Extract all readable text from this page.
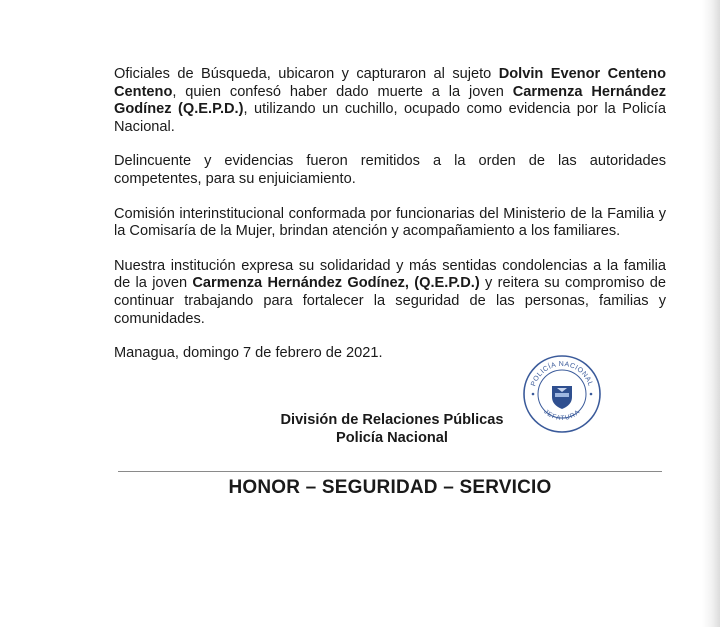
Oficiales de Búsqueda, ubicaron y capturaron al sujeto Dolvin Evenor Centeno Centeno, quien confesó haber dado muerte a la joven Carmenza Hernández Godínez (Q.E.P.D.), utilizando un cuchillo, ocupado como evidencia por la Policía Nacional.

Delincuente y evidencias fueron remitidos a la orden de las autoridades competentes, para su enjuiciamiento.

Comisión interinstitucional conformada por funcionarias del Ministerio de la Familia y la Comisaría de la Mujer, brindan atención y acompañamiento a los familiares.

Nuestra institución expresa su solidaridad y más sentidas condolencias a la familia de la joven Carmenza Hernández Godínez, (Q.E.P.D.) y reitera su compromiso de continuar trabajando para fortalecer la seguridad de las personas, familias y comunidades.

Managua, domingo 7 de febrero de 2021.

POLICÍA NACIONAL
JEFATURA
División de Relaciones Públicas
Policía Nacional
HONOR – SEGURIDAD – SERVICIO
